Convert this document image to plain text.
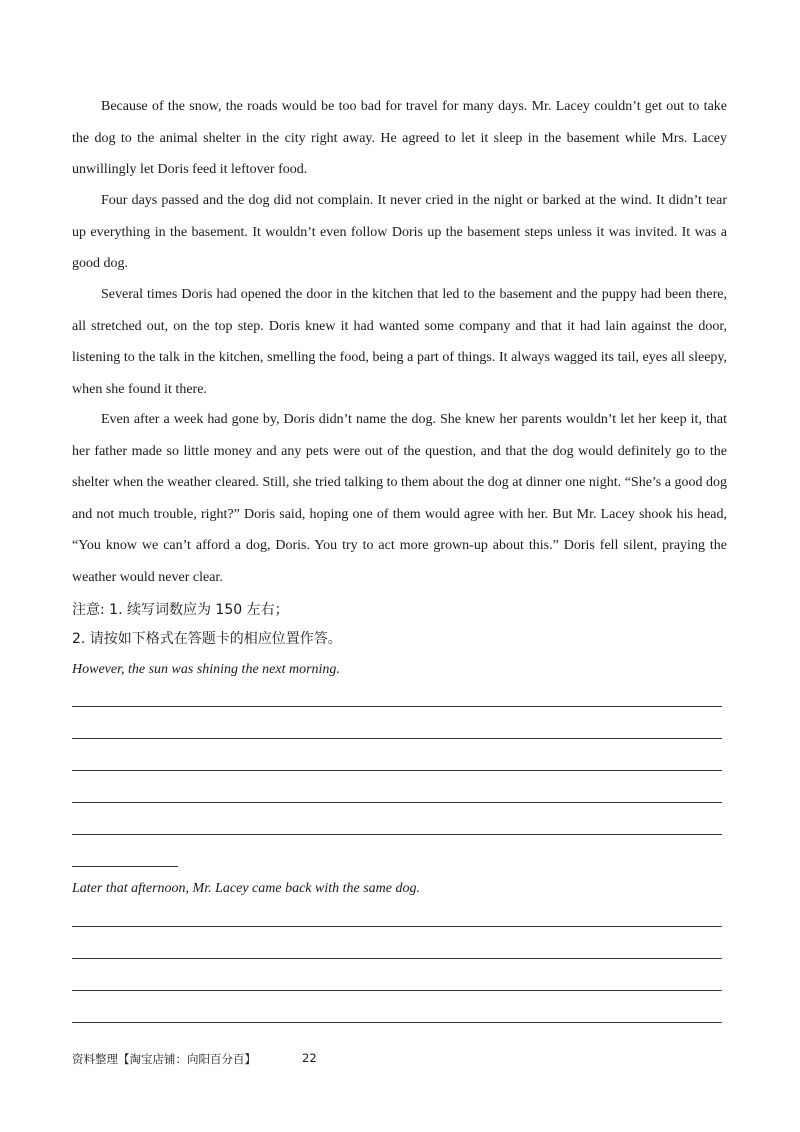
Because of the snow, the roads would be too bad for travel for many days. Mr. Lacey couldn’t get out to take the dog to the animal shelter in the city right away. He agreed to let it sleep in the basement while Mrs. Lacey unwillingly let Doris feed it leftover food.

Four days passed and the dog did not complain. It never cried in the night or barked at the wind. It didn’t tear up everything in the basement. It wouldn’t even follow Doris up the basement steps unless it was invited. It was a good dog.

Several times Doris had opened the door in the kitchen that led to the basement and the puppy had been there, all stretched out, on the top step. Doris knew it had wanted some company and that it had lain against the door, listening to the talk in the kitchen, smelling the food, being a part of things. It always wagged its tail, eyes all sleepy, when she found it there.

Even after a week had gone by, Doris didn’t name the dog. She knew her parents wouldn’t let her keep it, that her father made so little money and any pets were out of the question, and that the dog would definitely go to the shelter when the weather cleared. Still, she tried talking to them about the dog at dinner one night. “She’s a good dog and not much trouble, right?” Doris said, hoping one of them would agree with her. But Mr. Lacey shook his head, “You know we can’t afford a dog, Doris. You try to act more grown-up about this.” Doris fell silent, praying the weather would never clear.

注意: 1. 续写词数应为 150 左右；

2. 请按如下格式在答题卡的相应位置作答。

However, the sun was shining the next morning.

Later that afternoon, Mr. Lacey came back with the same dog.

资料整理【淘宝店铺：向阳百分百】	22
